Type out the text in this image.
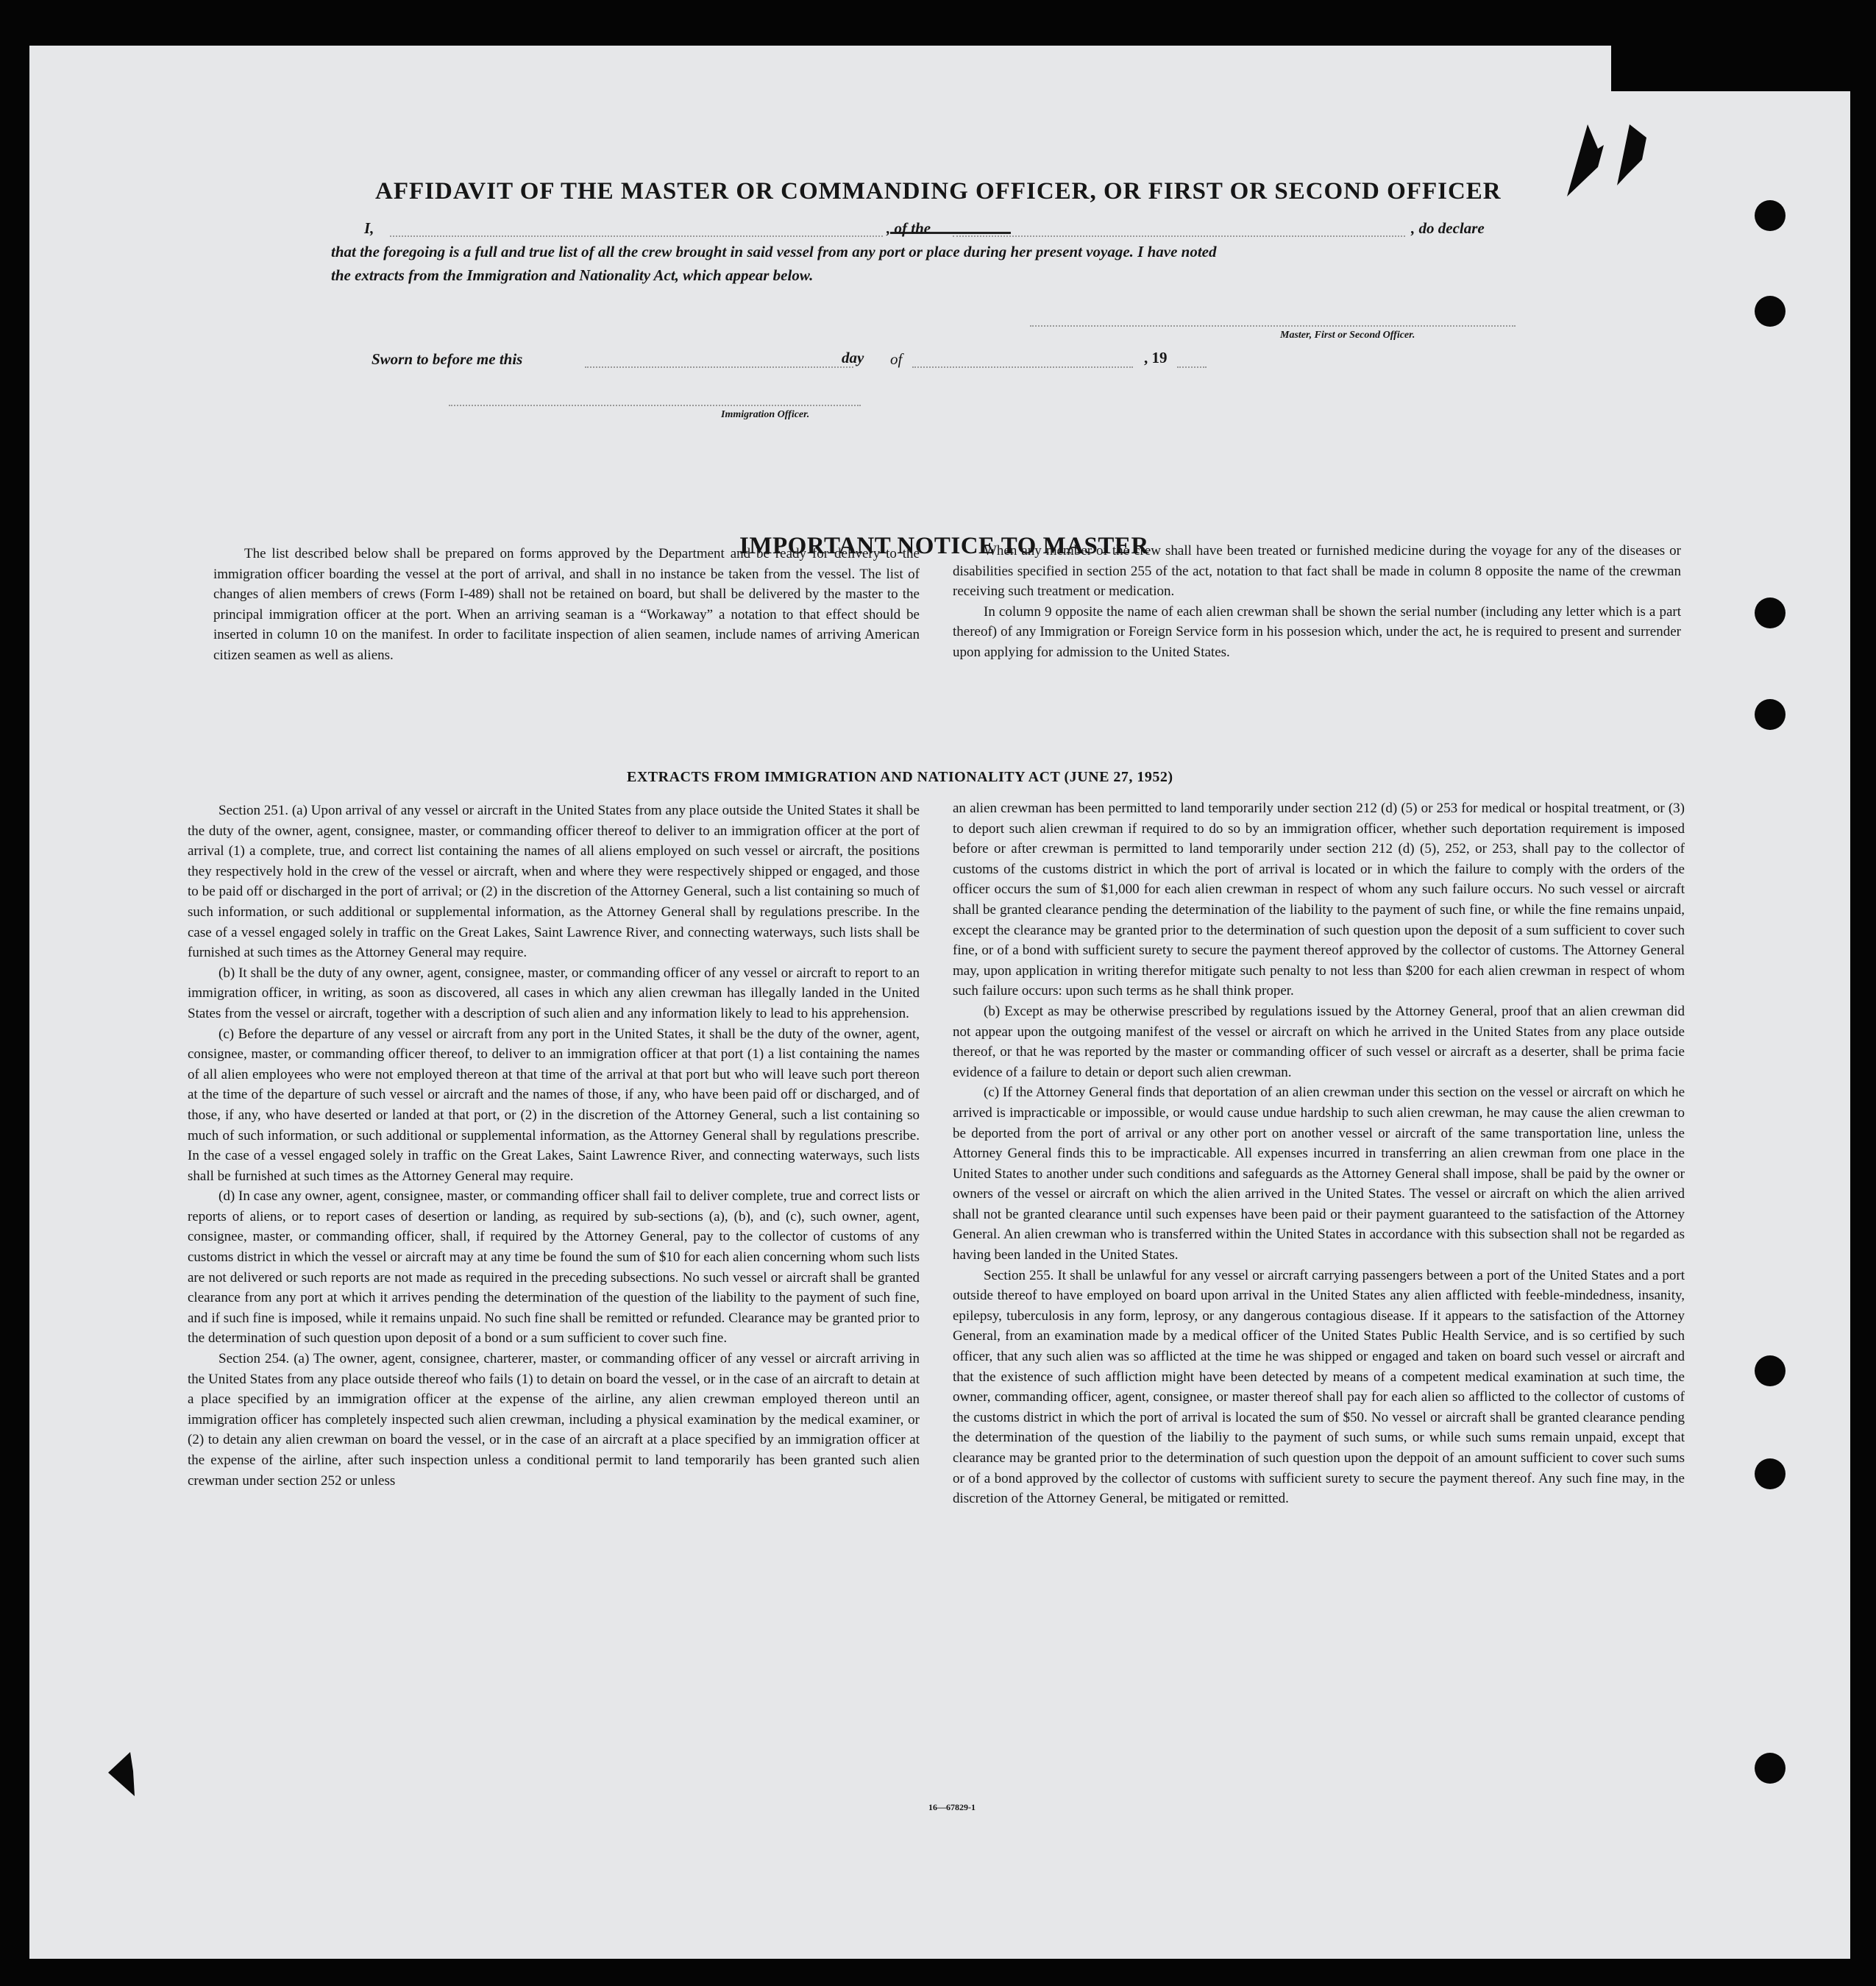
AFFIDAVIT OF THE MASTER OR COMMANDING OFFICER, OR FIRST OR SECOND OFFICER
I,	, of the	, do declare
that the foregoing is a full and true list of all the crew brought in said vessel from any port or place during her present voyage. I have noted
the extracts from the Immigration and Nationality Act, which appear below.
Master, First or Second Officer.
Sworn to before me this	day of	, 19
Immigration Officer.
IMPORTANT NOTICE TO MASTER

The list described below shall be prepared on forms approved by the Department and be ready for delivery to the immigration officer boarding the vessel at the port of arrival, and shall in no instance be taken from the vessel. The list of changes of alien members of crews (Form I-489) shall not be retained on board, but shall be delivered by the master to the principal immigration officer at the port. When an arriving seaman is a “Workaway” a notation to that effect should be inserted in column 10 on the manifest. In order to facilitate inspection of alien seamen, include names of arriving American citizen seamen as well as aliens.

When any member of the crew shall have been treated or furnished medicine during the voyage for any of the diseases or disabilities specified in section 255 of the act, notation to that fact shall be made in column 8 opposite the name of the crewman receiving such treatment or medication.

In column 9 opposite the name of each alien crewman shall be shown the serial number (including any letter which is a part thereof) of any Immigration or Foreign Service form in his possesion which, under the act, he is required to present and surrender upon applying for admission to the United States.

EXTRACTS FROM IMMIGRATION AND NATIONALITY ACT (JUNE 27, 1952)

Section 251. (a) Upon arrival of any vessel or aircraft in the United States from any place outside the United States it shall be the duty of the owner, agent, consignee, master, or commanding officer thereof to deliver to an immigration officer at the port of arrival (1) a complete, true, and correct list containing the names of all aliens employed on such vessel or aircraft, the positions they respectively hold in the crew of the vessel or aircraft, when and where they were respectively shipped or engaged, and those to be paid off or discharged in the port of arrival; or (2) in the discretion of the Attorney General, such a list containing so much of such information, or such additional or supplemental information, as the Attorney General shall by regulations prescribe. In the case of a vessel engaged solely in traffic on the Great Lakes, Saint Lawrence River, and connecting waterways, such lists shall be furnished at such times as the Attorney General may require.

(b) It shall be the duty of any owner, agent, consignee, master, or commanding officer of any vessel or aircraft to report to an immigration officer, in writing, as soon as discovered, all cases in which any alien crewman has illegally landed in the United States from the vessel or aircraft, together with a description of such alien and any information likely to lead to his apprehension.

(c) Before the departure of any vessel or aircraft from any port in the United States, it shall be the duty of the owner, agent, consignee, master, or commanding officer thereof, to deliver to an immigration officer at that port (1) a list containing the names of all alien employees who were not employed thereon at that time of the arrival at that port but who will leave such port thereon at the time of the departure of such vessel or aircraft and the names of those, if any, who have been paid off or discharged, and of those, if any, who have deserted or landed at that port, or (2) in the discretion of the Attorney General, such a list containing so much of such information, or such additional or supplemental information, as the Attorney General shall by regulations prescribe. In the case of a vessel engaged solely in traffic on the Great Lakes, Saint Lawrence River, and connecting waterways, such lists shall be furnished at such times as the Attorney General may require.

(d) In case any owner, agent, consignee, master, or commanding officer shall fail to deliver complete, true and correct lists or reports of aliens, or to report cases of desertion or landing, as required by sub-sections (a), (b), and (c), such owner, agent, consignee, master, or commanding officer, shall, if required by the Attorney General, pay to the collector of customs of any customs district in which the vessel or aircraft may at any time be found the sum of $10 for each alien concerning whom such lists are not delivered or such reports are not made as required in the preceding subsections. No such vessel or aircraft shall be granted clearance from any port at which it arrives pending the determination of the question of the liability to the payment of such fine, and if such fine is imposed, while it remains unpaid. No such fine shall be remitted or refunded. Clearance may be granted prior to the determination of such question upon deposit of a bond or a sum sufficient to cover such fine.

Section 254. (a) The owner, agent, consignee, charterer, master, or commanding officer of any vessel or aircraft arriving in the United States from any place outside thereof who fails (1) to detain on board the vessel, or in the case of an aircraft to detain at a place specified by an immigration officer at the expense of the airline, any alien crewman employed thereon until an immigration officer has completely inspected such alien crewman, including a physical examination by the medical examiner, or (2) to detain any alien crewman on board the vessel, or in the case of an aircraft at a place specified by an immigration officer at the expense of the airline, after such inspection unless a conditional permit to land temporarily has been granted such alien crewman under section 252 or unless

an alien crewman has been permitted to land temporarily under section 212 (d) (5) or 253 for medical or hospital treatment, or (3) to deport such alien crewman if required to do so by an immigration officer, whether such deportation requirement is imposed before or after crewman is permitted to land temporarily under section 212 (d) (5), 252, or 253, shall pay to the collector of customs of the customs district in which the port of arrival is located or in which the failure to comply with the orders of the officer occurs the sum of $1,000 for each alien crewman in respect of whom any such failure occurs. No such vessel or aircraft shall be granted clearance pending the determination of the liability to the payment of such fine, or while the fine remains unpaid, except the clearance may be granted prior to the determination of such question upon the deposit of a sum sufficient to cover such fine, or of a bond with sufficient surety to secure the payment thereof approved by the collector of customs. The Attorney General may, upon application in writing therefor mitigate such penalty to not less than $200 for each alien crewman in respect of whom such failure occurs: upon such terms as he shall think proper.

(b) Except as may be otherwise prescribed by regulations issued by the Attorney General, proof that an alien crewman did not appear upon the outgoing manifest of the vessel or aircraft on which he arrived in the United States from any place outside thereof, or that he was reported by the master or commanding officer of such vessel or aircraft as a deserter, shall be prima facie evidence of a failure to detain or deport such alien crewman.

(c) If the Attorney General finds that deportation of an alien crewman under this section on the vessel or aircraft on which he arrived is impracticable or impossible, or would cause undue hardship to such alien crewman, he may cause the alien crewman to be deported from the port of arrival or any other port on another vessel or aircraft of the same transportation line, unless the Attorney General finds this to be impracticable. All expenses incurred in transferring an alien crewman from one place in the United States to another under such conditions and safeguards as the Attorney General shall impose, shall be paid by the owner or owners of the vessel or aircraft on which the alien arrived in the United States. The vessel or aircraft on which the alien arrived shall not be granted clearance until such expenses have been paid or their payment guaranteed to the satisfaction of the Attorney General. An alien crewman who is transferred within the United States in accordance with this subsection shall not be regarded as having been landed in the United States.

Section 255. It shall be unlawful for any vessel or aircraft carrying passengers between a port of the United States and a port outside thereof to have employed on board upon arrival in the United States any alien afflicted with feeble-mindedness, insanity, epilepsy, tuberculosis in any form, leprosy, or any dangerous contagious disease. If it appears to the satisfaction of the Attorney General, from an examination made by a medical officer of the United States Public Health Service, and is so certified by such officer, that any such alien was so afflicted at the time he was shipped or engaged and taken on board such vessel or aircraft and that the existence of such affliction might have been detected by means of a competent medical examination at such time, the owner, commanding officer, agent, consignee, or master thereof shall pay for each alien so afflicted to the collector of customs of the customs district in which the port of arrival is located the sum of $50. No vessel or aircraft shall be granted clearance pending the determination of the question of the liabiliy to the payment of such sums, or while such sums remain unpaid, except that clearance may be granted prior to the determination of such question upon the deppoit of an amount sufficient to cover such sums or of a bond approved by the collector of customs with sufficient surety to secure the payment thereof. Any such fine may, in the discretion of the Attorney General, be mitigated or remitted.

16—67829-1
